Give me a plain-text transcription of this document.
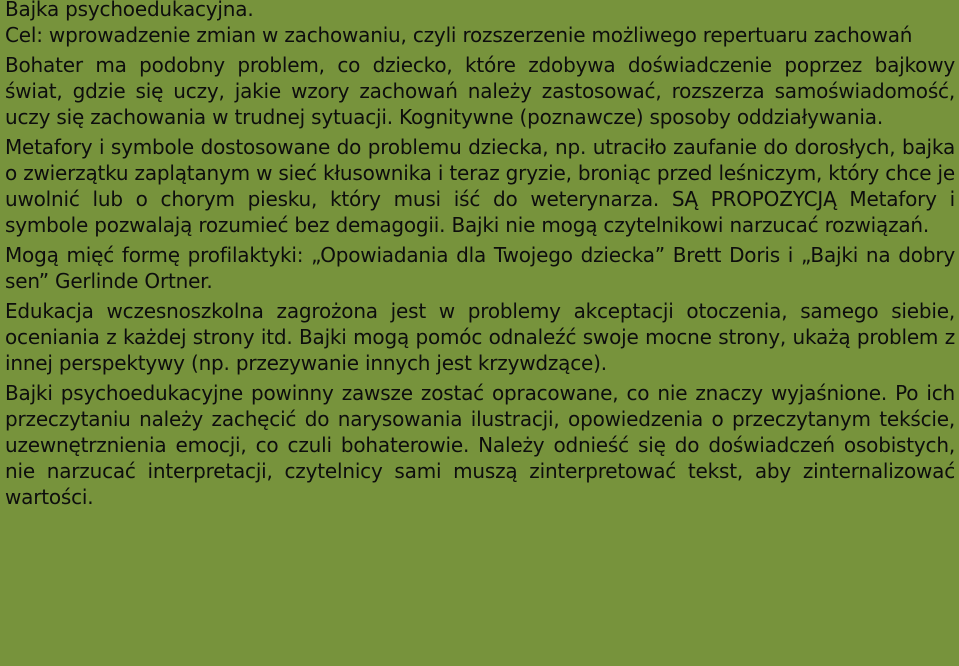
Bajka psychoedukacyjna.

Cel: wprowadzenie zmian w zachowaniu, czyli rozszerzenie możliwego repertuaru zachowań

Bohater ma podobny problem, co dziecko, które zdobywa doświadczenie poprzez bajkowy świat, gdzie się uczy, jakie wzory zachowań należy zastosować, rozszerza samoświadomość, uczy się zachowania w trudnej sytuacji. Kognitywne (poznawcze) sposoby oddziaływania.

Metafory i symbole dostosowane do problemu dziecka, np. utraciło zaufanie do dorosłych, bajka o zwierzątku zaplątanym w sieć kłusownika i teraz gryzie, broniąc przed leśniczym, który chce je uwolnić lub o chorym piesku, który musi iść do weterynarza. SĄ PROPOZYCJĄ Metafory i symbole pozwalają rozumieć bez demagogii. Bajki nie mogą czytelnikowi narzucać rozwiązań.

Mogą mięć formę profilaktyki: „Opowiadania dla Twojego dziecka” Brett Doris i „Bajki na dobry sen” Gerlinde Ortner.

Edukacja wczesnoszkolna zagrożona jest w problemy akceptacji otoczenia, samego siebie, oceniania z każdej strony itd. Bajki mogą pomóc odnaleźć swoje mocne strony, ukażą problem z innej perspektywy (np. przezywanie innych jest krzywdzące).

Bajki psychoedukacyjne powinny zawsze zostać opracowane, co nie znaczy wyjaśnione. Po ich przeczytaniu należy zachęcić do narysowania ilustracji, opowiedzenia o przeczytanym tekście, uzewnętrznienia emocji, co czuli bohaterowie. Należy odnieść się do doświadczeń osobistych, nie narzucać interpretacji, czytelnicy sami muszą zinterpretować tekst, aby zinternalizować wartości.
